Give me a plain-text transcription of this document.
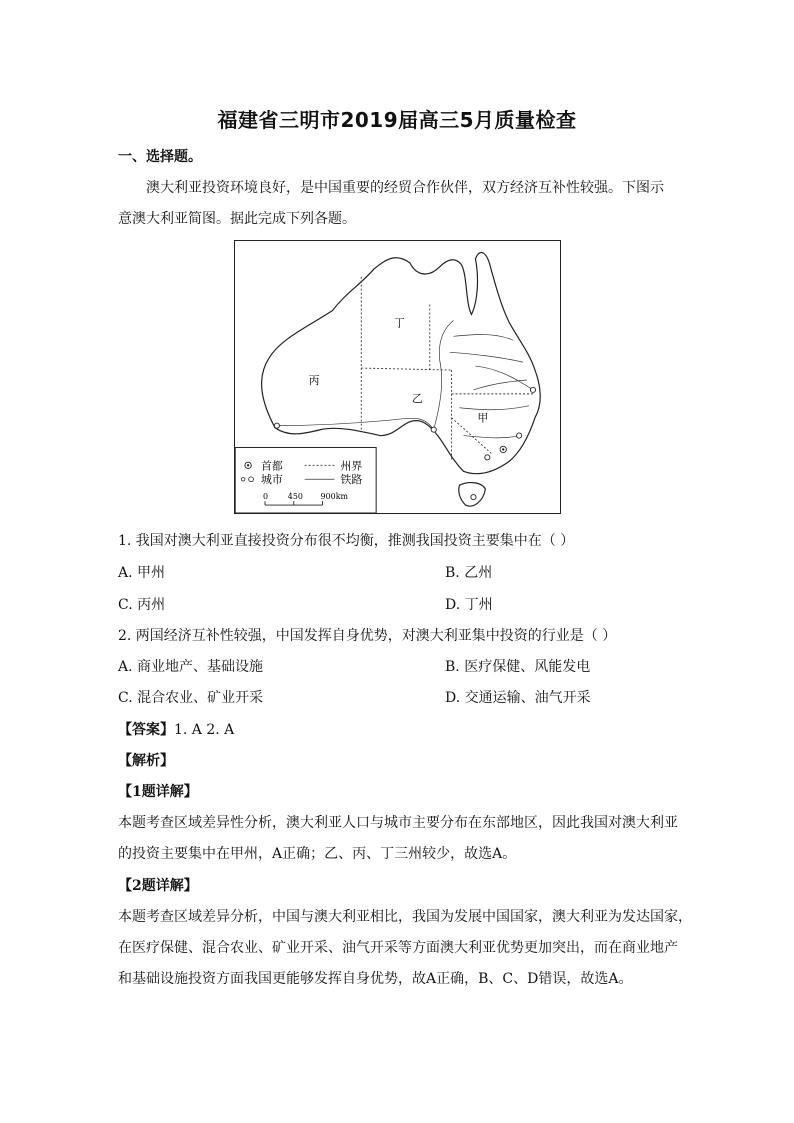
福建省三明市2019届高三5月质量检查
一、选择题。
澳大利亚投资环境良好，是中国重要的经贸合作伙伴，双方经济互补性较强。下图示
意澳大利亚简图。据此完成下列各题。
丁
丙
乙
甲
首都	州界
城市	铁路
0 450 900km
1. 我国对澳大利亚直接投资分布很不均衡，推测我国投资主要集中在（ ）
A. 甲州	B. 乙州
C. 丙州	D. 丁州
2. 两国经济互补性较强，中国发挥自身优势，对澳大利亚集中投资的行业是（ ）
A. 商业地产、基础设施	B. 医疗保健、风能发电
C. 混合农业、矿业开采	D. 交通运输、油气开采
【答案】1. A 2. A
【解析】
【1题详解】
本题考查区域差异性分析，澳大利亚人口与城市主要分布在东部地区，因此我国对澳大利亚
的投资主要集中在甲州，A正确；乙、丙、丁三州较少，故选A。
【2题详解】
本题考查区域差异分析，中国与澳大利亚相比，我国为发展中国国家，澳大利亚为发达国家，
在医疗保健、混合农业、矿业开采、油气开采等方面澳大利亚优势更加突出，而在商业地产
和基础设施投资方面我国更能够发挥自身优势，故A正确，B、C、D错误，故选A。
